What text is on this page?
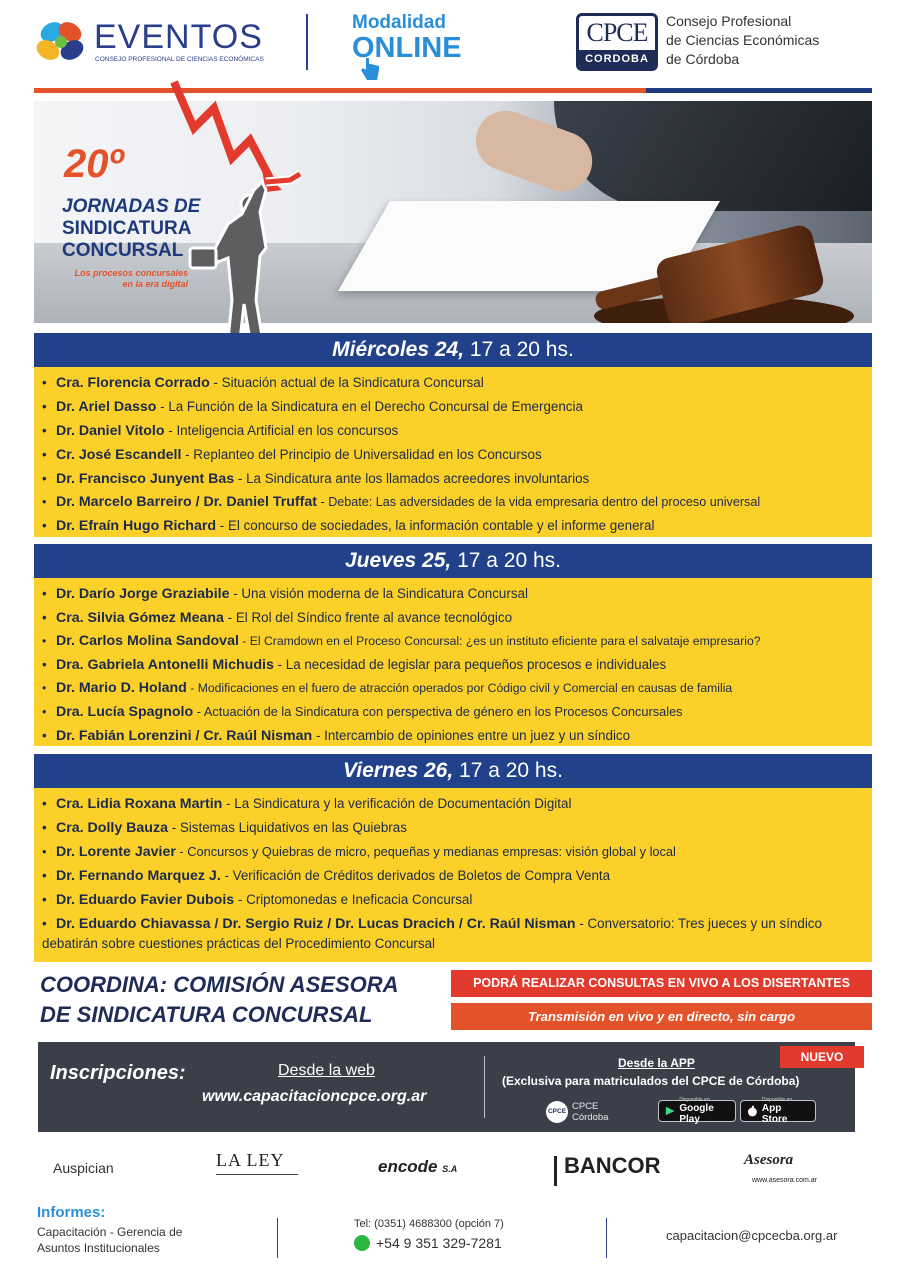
EVENTOS
CONSEJO PROFESIONAL DE CIENCIAS ECONÓMICAS
Modalidad
ONLINE	CPCE
CORDOBA
Consejo Profesional
de Ciencias Económicas
de Córdoba
20º
JORNADAS DE
SINDICATURA
CONCURSAL
Los procesos concursales
en la era digital
Miércoles 24, 17 a 20 hs.
• Cra. Florencia Corrado - Situación actual de la Sindicatura Concursal
• Dr. Ariel Dasso - La Función de la Sindicatura en el Derecho Concursal de Emergencia
• Dr. Daniel Vitolo - Inteligencia Artificial en los concursos
• Cr. José Escandell - Replanteo del Principio de Universalidad en los Concursos
• Dr. Francisco Junyent Bas - La Sindicatura ante los llamados acreedores involuntarios
• Dr. Marcelo Barreiro / Dr. Daniel Truffat - Debate: Las adversidades de la vida empresaria dentro del proceso universal
• Dr. Efraín Hugo Richard - El concurso de sociedades, la información contable y el informe general
Jueves 25, 17 a 20 hs.
• Dr. Darío Jorge Graziabile - Una visión moderna de la Sindicatura Concursal
• Cra. Silvia Gómez Meana - El Rol del Síndico frente al avance tecnológico
• Dr. Carlos Molina Sandoval - El Cramdown en el Proceso Concursal: ¿es un instituto eficiente para el salvataje empresario?
• Dra. Gabriela Antonelli Michudis - La necesidad de legislar para pequeños procesos e individuales
• Dr. Mario D. Holand - Modificaciones en el fuero de atracción operados por Código civil y Comercial en causas de familia
• Dra. Lucía Spagnolo - Actuación de la Sindicatura con perspectiva de género en los Procesos Concursales
• Dr. Fabián Lorenzini / Cr. Raúl Nisman - Intercambio de opiniones entre un juez y un síndico
Viernes 26, 17 a 20 hs.
• Cra. Lidia Roxana Martin - La Sindicatura y la verificación de Documentación Digital
• Cra. Dolly Bauza - Sistemas Liquidativos en las Quiebras
• Dr. Lorente Javier - Concursos y Quiebras de micro, pequeñas y medianas empresas: visión global y local
• Dr. Fernando Marquez J. - Verificación de Créditos derivados de Boletos de Compra Venta
• Dr. Eduardo Favier Dubois - Criptomonedas e Ineficacia Concursal
• Dr. Eduardo Chiavassa / Dr. Sergio Ruiz / Dr. Lucas Dracich / Cr. Raúl Nisman - Conversatorio: Tres jueces y un síndico debatirán sobre cuestiones prácticas del Procedimiento Concursal
COORDINA: COMISIÓN ASESORA
DE SINDICATURA CONCURSAL
PODRÁ REALIZAR CONSULTAS EN VIVO A LOS DISERTANTES
Transmisión en vivo y en directo, sin cargo
Inscripciones:	Desde la web
www.capacitacioncpce.org.ar
NUEVO
Desde la APP
(Exclusiva para matriculados del CPCE de Córdoba)
CPCE CPCE
Córdoba
Disponible en
Google Play
Disponible en
App Store
Auspician	LA LEY	encode S.A	BANCOR	Asesora
www.asesora.com.ar
Informes:
Capacitación - Gerencia de
Asuntos Institucionales
Tel: (0351) 4688300 (opción 7)
+54 9 351 329-7281	capacitacion@cpcecba.org.ar
